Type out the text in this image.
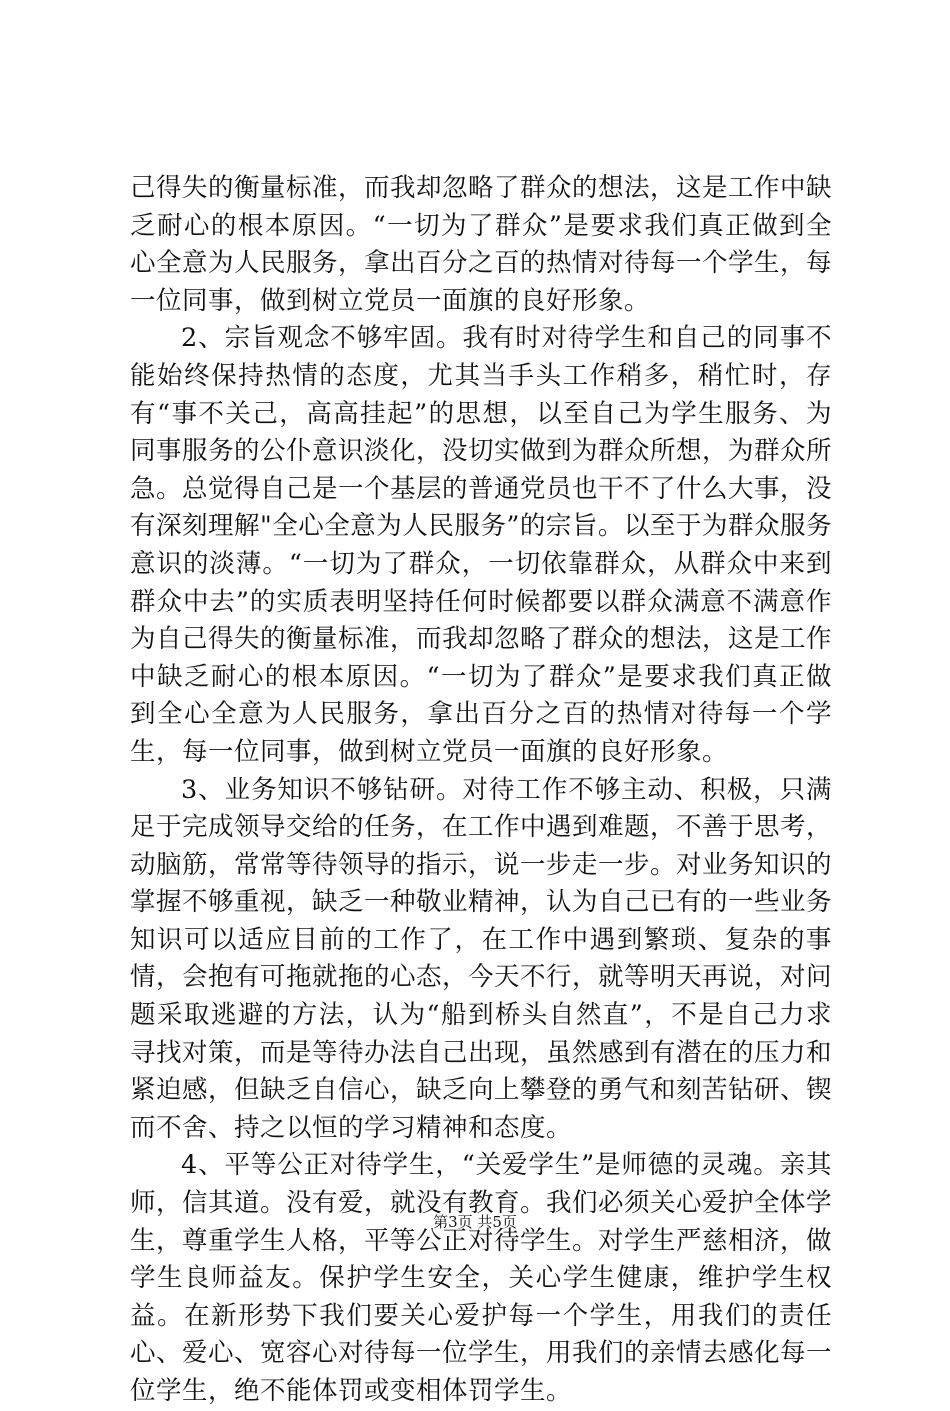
己得失的衡量标准，而我却忽略了群众的想法，这是工作中缺乏耐心的根本原因。“一切为了群众”是要求我们真正做到全心全意为人民服务，拿出百分之百的热情对待每一个学生，每一位同事，做到树立党员一面旗的良好形象。

2、宗旨观念不够牢固。我有时对待学生和自己的同事不能始终保持热情的态度，尤其当手头工作稍多，稍忙时，存有“事不关己，高高挂起”的思想，以至自己为学生服务、为同事服务的公仆意识淡化，没切实做到为群众所想，为群众所急。总觉得自己是一个基层的普通党员也干不了什么大事，没有深刻理解"全心全意为人民服务”的宗旨。以至于为群众服务意识的淡薄。“一切为了群众，一切依靠群众，从群众中来到群众中去”的实质表明坚持任何时候都要以群众满意不满意作为自己得失的衡量标准，而我却忽略了群众的想法，这是工作中缺乏耐心的根本原因。“一切为了群众”是要求我们真正做到全心全意为人民服务，拿出百分之百的热情对待每一个学生，每一位同事，做到树立党员一面旗的良好形象。

3、业务知识不够钻研。对待工作不够主动、积极，只满足于完成领导交给的任务，在工作中遇到难题，不善于思考，动脑筋，常常等待领导的指示，说一步走一步。对业务知识的掌握不够重视，缺乏一种敬业精神，认为自己已有的一些业务知识可以适应目前的工作了，在工作中遇到繁琐、复杂的事情，会抱有可拖就拖的心态，今天不行，就等明天再说，对问题采取逃避的方法，认为“船到桥头自然直”，不是自己力求寻找对策，而是等待办法自己出现，虽然感到有潜在的压力和紧迫感，但缺乏自信心，缺乏向上攀登的勇气和刻苦钻研、锲而不舍、持之以恒的学习精神和态度。

4、平等公正对待学生，“关爱学生”是师德的灵魂。亲其师，信其道。没有爱，就没有教育。我们必须关心爱护全体学生，尊重学生人格，平等公正对待学生。对学生严慈相济，做学生良师益友。保护学生安全，关心学生健康，维护学生权益。在新形势下我们要关心爱护每一个学生，用我们的责任心、爱心、宽容心对待每一位学生，用我们的亲情去感化每一位学生，绝不能体罚或变相体罚学生。

第3页 共5页
